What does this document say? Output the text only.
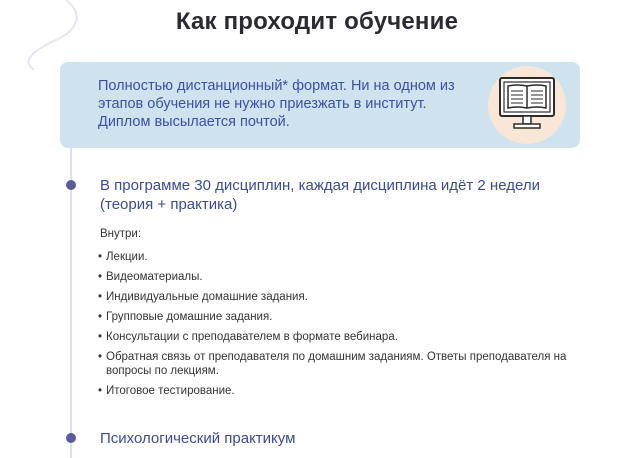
Как проходит обучение
Полностью дистанционный* формат. Ни на одном из этапов обучения не нужно приезжать в институт. Диплом высылается почтой.
В программе 30 дисциплин, каждая дисциплина идёт 2 недели (теория + практика)
Внутри:
• Лекции.
• Видеоматериалы.
• Индивидуальные домашние задания.
• Групповые домашние задания.
• Консультации с преподавателем в формате вебинара.
• Обратная связь от преподавателя по домашним заданиям. Ответы преподавателя на вопросы по лекциям.
• Итоговое тестирование.
Психологический практикум
